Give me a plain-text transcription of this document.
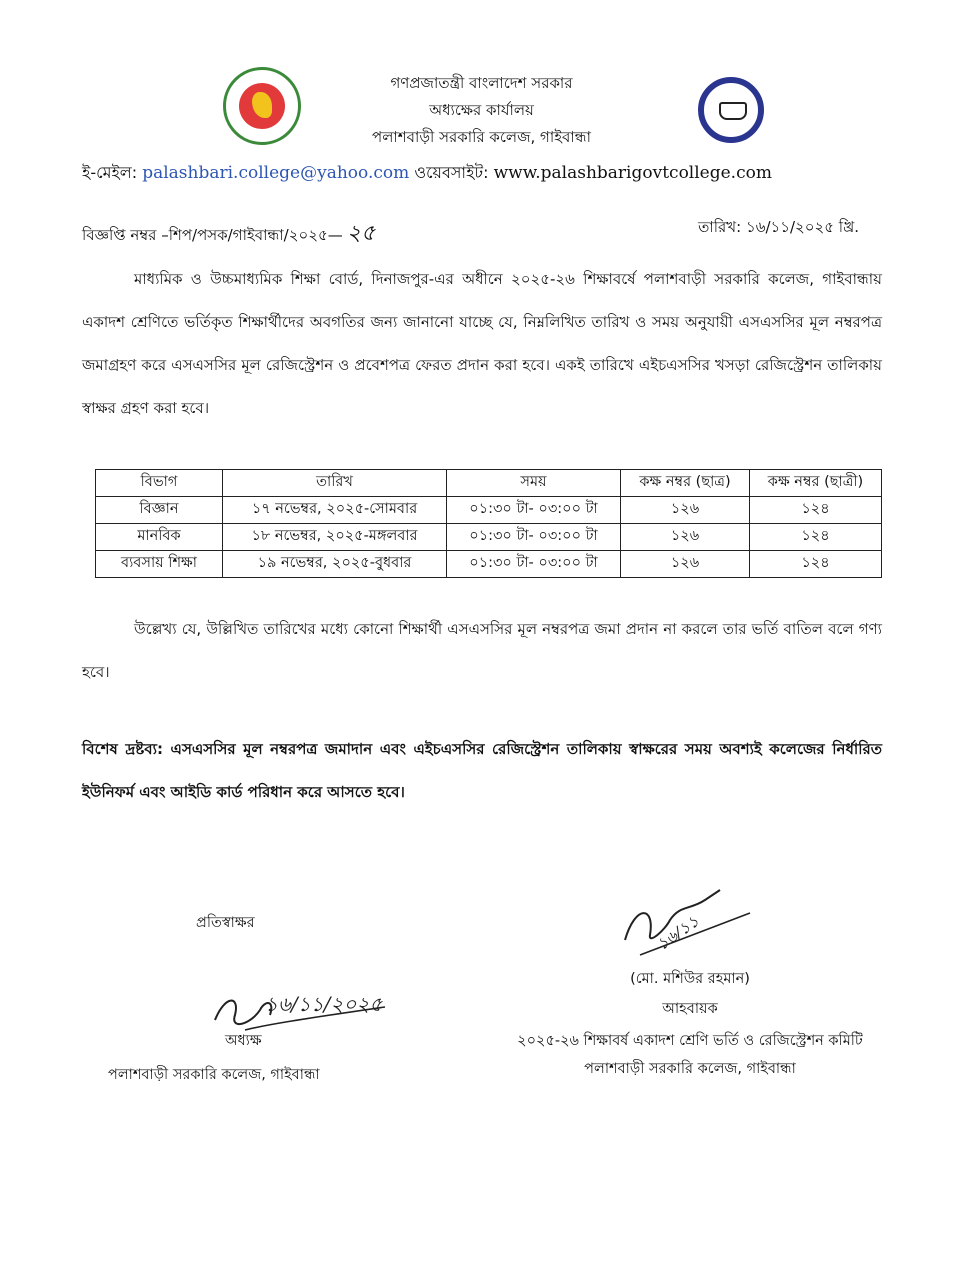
গণপ্রজাতন্ত্রী বাংলাদেশ সরকার
অধ্যক্ষের কার্যালয়
পলাশবাড়ী সরকারি কলেজ, গাইবান্ধা
ই-মেইল: palashbari.college@yahoo.com ওয়েবসাইট: www.palashbarigovtcollege.com
বিজ্ঞপ্তি নম্বর –শিপ/পসক/গাইবান্ধা/২০২৫— ২৫	তারিখ: ১৬/১১/২০২৫ খ্রি.
মাধ্যমিক ও উচ্চমাধ্যমিক শিক্ষা বোর্ড, দিনাজপুর-এর অধীনে ২০২৫-২৬ শিক্ষাবর্ষে পলাশবাড়ী সরকারি কলেজ, গাইবান্ধায় একাদশ শ্রেণিতে ভর্তিকৃত শিক্ষার্থীদের অবগতির জন্য জানানো যাচ্ছে যে, নিম্নলিখিত তারিখ ও সময় অনুযায়ী এসএসসির মূল নম্বরপত্র জমাগ্রহণ করে এসএসসির মূল রেজিস্ট্রেশন ও প্রবেশপত্র ফেরত প্রদান করা হবে। একই তারিখে এইচএসসির খসড়া রেজিস্ট্রেশন তালিকায় স্বাক্ষর গ্রহণ করা হবে।
বিভাগ	তারিখ	সময়	কক্ষ নম্বর (ছাত্র)	কক্ষ নম্বর (ছাত্রী)
বিজ্ঞান	১৭ নভেম্বর, ২০২৫-সোমবার	০১:৩০ টা- ০৩:০০ টা	১২৬	১২৪
মানবিক	১৮ নভেম্বর, ২০২৫-মঙ্গলবার	০১:৩০ টা- ০৩:০০ টা	১২৬	১২৪
ব্যবসায় শিক্ষা	১৯ নভেম্বর, ২০২৫-বুধবার	০১:৩০ টা- ০৩:০০ টা	১২৬	১২৪
উল্লেখ্য যে, উল্লিখিত তারিখের মধ্যে কোনো শিক্ষার্থী এসএসসির মূল নম্বরপত্র জমা প্রদান না করলে তার ভর্তি বাতিল বলে গণ্য হবে।
বিশেষ দ্রষ্টব্য: এসএসসির মূল নম্বরপত্র জমাদান এবং এইচএসসির রেজিস্ট্রেশন তালিকায় স্বাক্ষরের সময় অবশ্যই কলেজের নির্ধারিত ইউনিফর্ম এবং আইডি কার্ড পরিধান করে আসতে হবে।
প্রতিস্বাক্ষর
১৬/১১/২০২৫
অধ্যক্ষ
পলাশবাড়ী সরকারি কলেজ, গাইবান্ধা
১৬/১১
(মো. মশিউর রহমান)
আহবায়ক
২০২৫-২৬ শিক্ষাবর্ষ একাদশ শ্রেণি ভর্তি ও রেজিস্ট্রেশন কমিটি
পলাশবাড়ী সরকারি কলেজ, গাইবান্ধা
